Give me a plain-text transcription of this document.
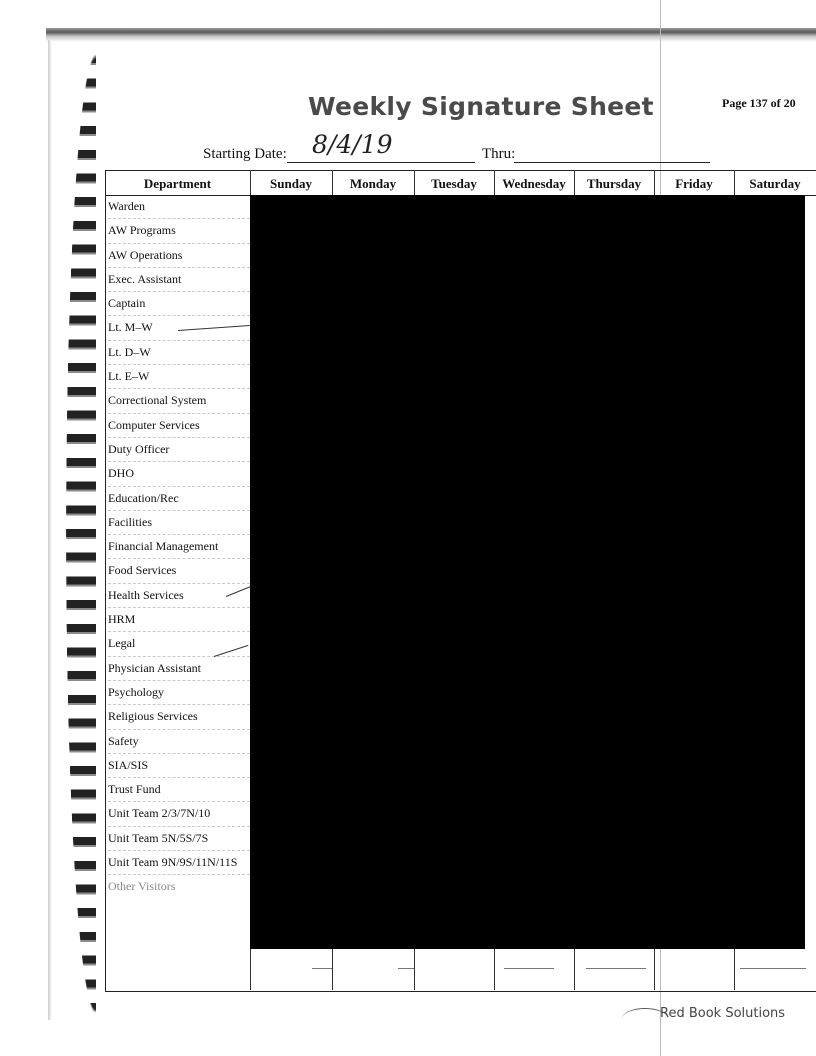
Weekly Signature Sheet	Page 137 of 20
Starting Date: 8/4/19	Thru:
Department	Sunday	Monday	Tuesday	Wednesday	Thursday	Friday	Saturday
Warden
AW Programs
AW Operations
Exec. Assistant
Captain
Lt. M–W
Lt. D–W
Lt. E–W
Correctional System
Computer Services
Duty Officer
DHO
Education/Rec
Facilities
Financial Management
Food Services
Health Services
HRM
Legal
Physician Assistant
Psychology
Religious Services
Safety
SIA/SIS
Trust Fund
Unit Team 2/3/7N/10
Unit Team 5N/5S/7S
Unit Team 9N/9S/11N/11S
Other Visitors
Red Book Solutions
